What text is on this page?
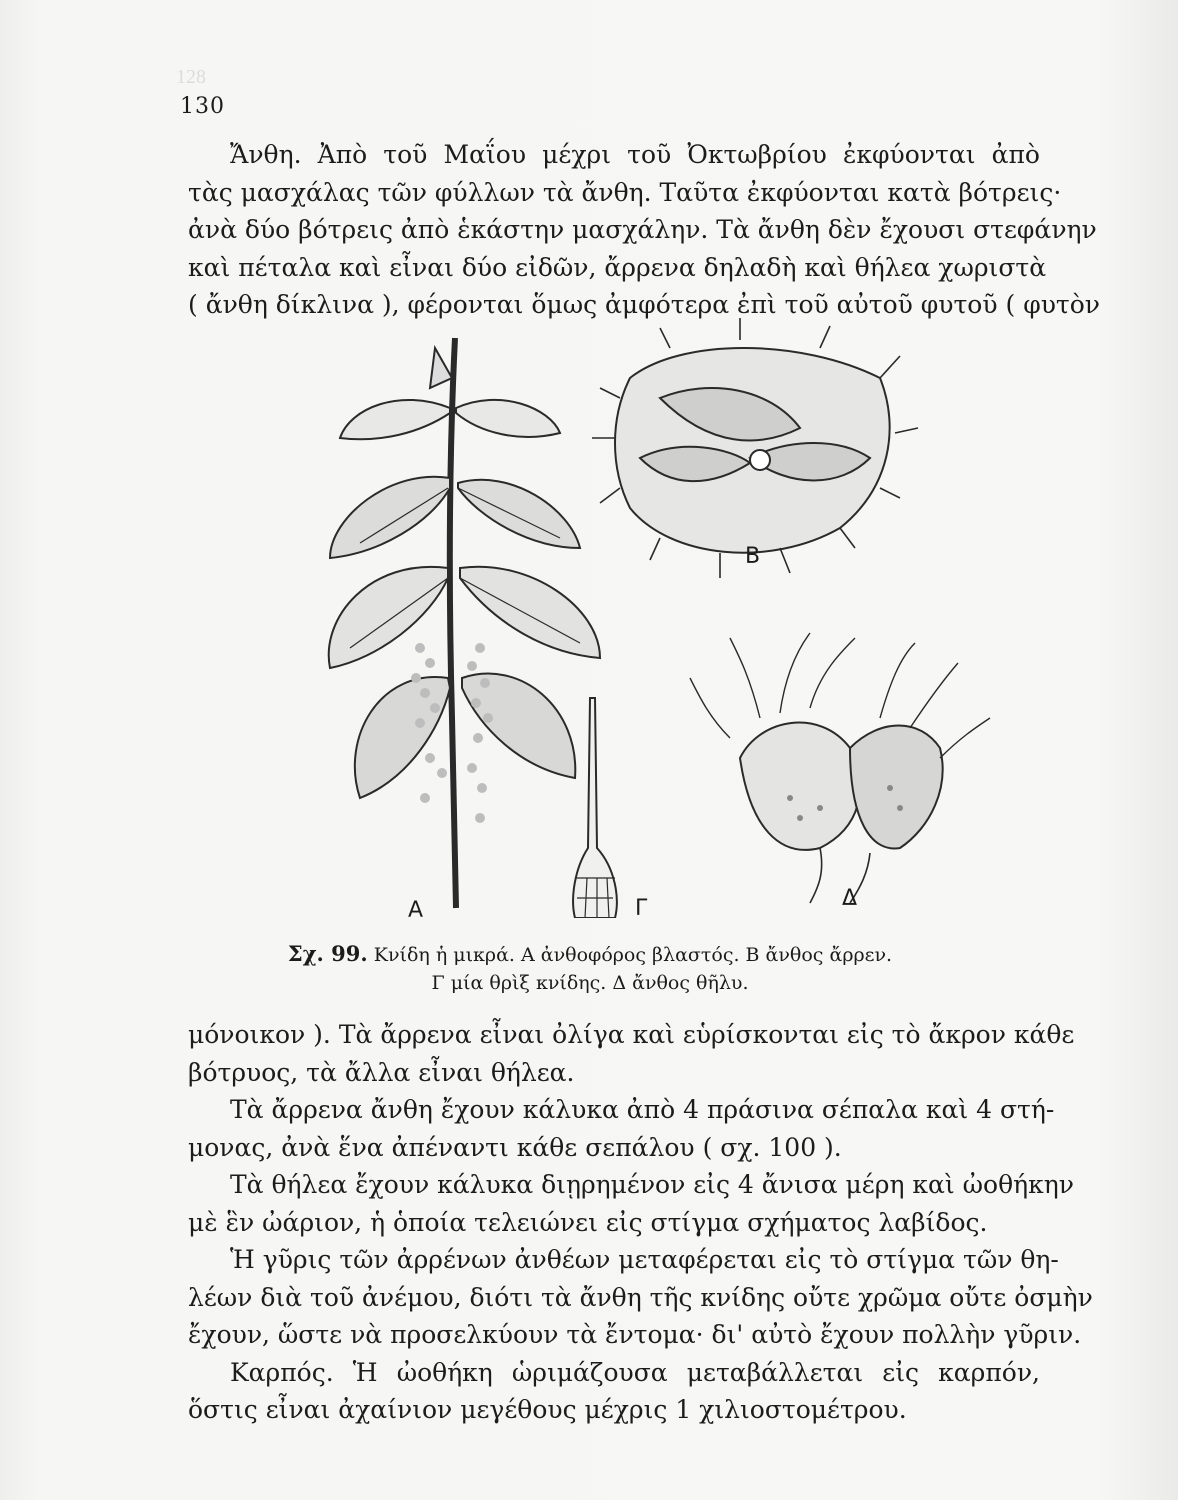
128
130
Ἄνθη. Ἀπὸ τοῦ Μαΐου μέχρι τοῦ Ὀκτωβρίου ἐκφύονται ἀπὸ
τὰς μασχάλας τῶν φύλλων τὰ ἄνθη. Ταῦτα ἐκφύονται κατὰ βότρεις·
ἀνὰ δύο βότρεις ἀπὸ ἑκάστην μασχάλην. Τὰ ἄνθη δὲν ἔχουσι στεφάνην
καὶ πέταλα καὶ εἶναι δύο εἰδῶν, ἄρρενα δηλαδὴ καὶ θήλεα χωριστὰ
( ἄνθη δίκλινα ), φέρονται ὅμως ἀμφότερα ἐπὶ τοῦ αὐτοῦ φυτοῦ ( φυτὸν
Α
Β
Γ	Δ
Σχ. 99. Κνίδη ἡ μικρά. Α ἀνθοφόρος βλαστός. Β ἄνθος ἄρρεν.
Γ μία θρὶξ κνίδης. Δ ἄνθος θῆλυ.
μόνοικον ). Τὰ ἄρρενα εἶναι ὀλίγα καὶ εὑρίσκονται εἰς τὸ ἄκρον κάθε
βότρυος, τὰ ἄλλα εἶναι θήλεα.
Τὰ ἄρρενα ἄνθη ἔχουν κάλυκα ἀπὸ 4 πράσινα σέπαλα καὶ 4 στή-
μονας, ἀνὰ ἕνα ἀπέναντι κάθε σεπάλου ( σχ. 100 ).
Τὰ θήλεα ἔχουν κάλυκα διῃρημένον εἰς 4 ἄνισα μέρη καὶ ὠοθήκην
μὲ ἓν ὠάριον, ἡ ὁποία τελειώνει εἰς στίγμα σχήματος λαβίδος.
Ἡ γῦρις τῶν ἀρρένων ἀνθέων μεταφέρεται εἰς τὸ στίγμα τῶν θη-
λέων διὰ τοῦ ἀνέμου, διότι τὰ ἄνθη τῆς κνίδης οὔτε χρῶμα οὔτε ὀσμὴν
ἔχουν, ὥστε νὰ προσελκύουν τὰ ἔντομα· δι' αὐτὸ ἔχουν πολλὴν γῦριν.
Καρπός. Ἡ ὠοθήκη ὡριμάζουσα μεταβάλλεται εἰς καρπόν,
ὅστις εἶναι ἀχαίνιον μεγέθους μέχρις 1 χιλιοστομέτρου.
